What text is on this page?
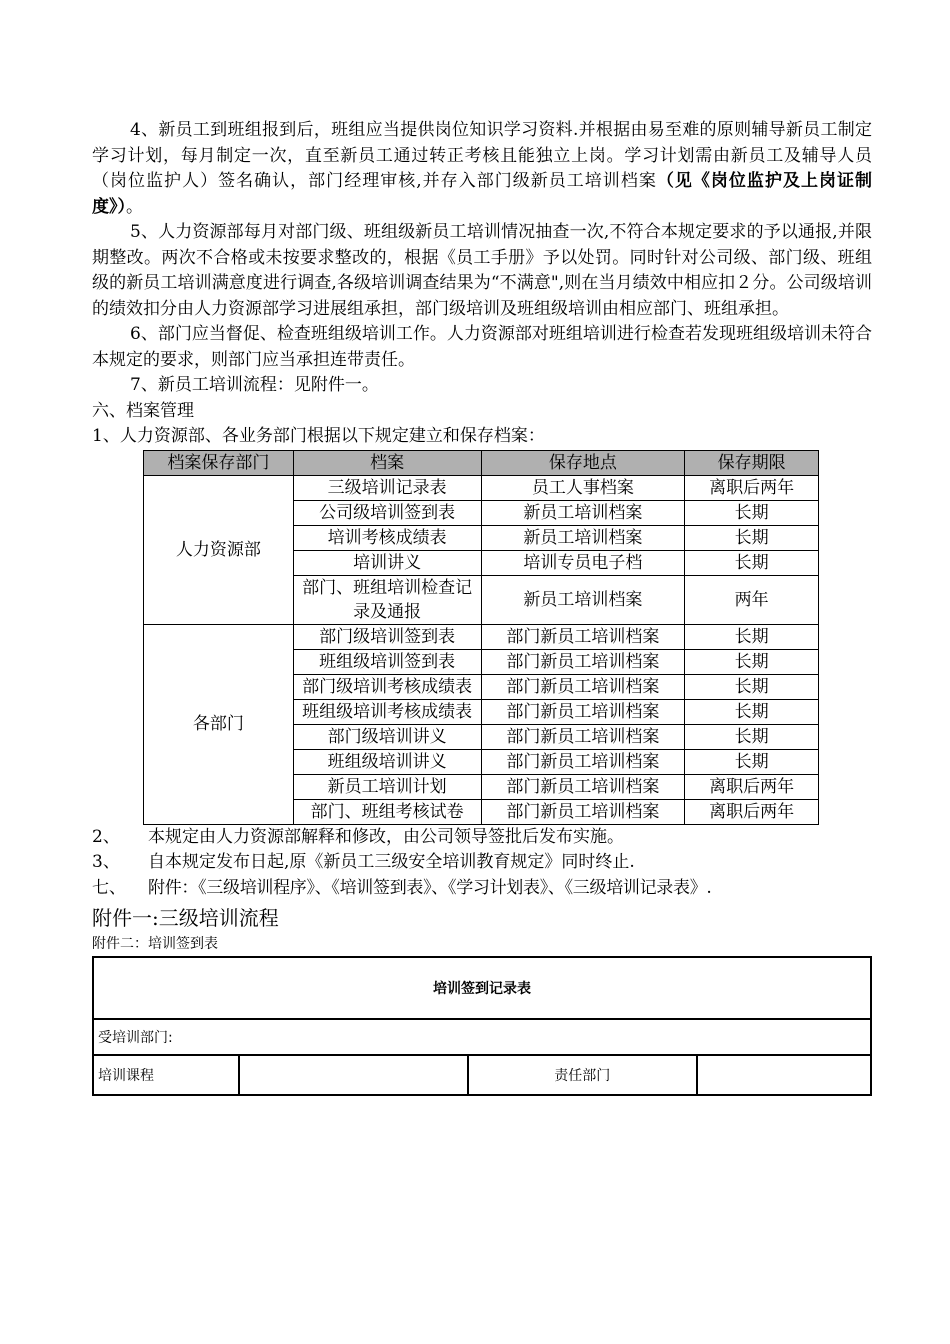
4、新员工到班组报到后，班组应当提供岗位知识学习资料.并根据由易至难的原则辅导新员工制定学习计划，每月制定一次，直至新员工通过转正考核且能独立上岗。学习计划需由新员工及辅导人员（岗位监护人）签名确认，部门经理审核,并存入部门级新员工培训档案（见《岗位监护及上岗证制度》）。

5、人力资源部每月对部门级、班组级新员工培训情况抽查一次,不符合本规定要求的予以通报,并限期整改。两次不合格或未按要求整改的，根据《员工手册》予以处罚。同时针对公司级、部门级、班组级的新员工培训满意度进行调查,各级培训调查结果为“不满意",则在当月绩效中相应扣２分。公司级培训的绩效扣分由人力资源部学习进展组承担，部门级培训及班组级培训由相应部门、班组承担。

6、部门应当督促、检查班组级培训工作。人力资源部对班组培训进行检查若发现班组级培训未符合本规定的要求，则部门应当承担连带责任。

7、新员工培训流程：见附件一。

六、档案管理

1、人力资源部、各业务部门根据以下规定建立和保存档案：

档案保存部门	档案	保存地点	保存期限
人力资源部	三级培训记录表	员工人事档案	离职后两年
	公司级培训签到表	新员工培训档案	长期
	培训考核成绩表	新员工培训档案	长期
	培训讲义	培训专员电子档	长期
	部门、班组培训检查记录及通报	新员工培训档案	两年
各部门	部门级培训签到表	部门新员工培训档案	长期
	班组级培训签到表	部门新员工培训档案	长期
	部门级培训考核成绩表	部门新员工培训档案	长期
	班组级培训考核成绩表	部门新员工培训档案	长期
	部门级培训讲义	部门新员工培训档案	长期
	班组级培训讲义	部门新员工培训档案	长期
	新员工培训计划	部门新员工培训档案	离职后两年
	部门、班组考核试卷	部门新员工培训档案	离职后两年
2、	本规定由人力资源部解释和修改，由公司领导签批后发布实施。
3、	自本规定发布日起,原《新员工三级安全培训教育规定》同时终止.
七、	附件：《三级培训程序》、《培训签到表》、《学习计划表》、《三级培训记录表》.

附件一:三级培训流程

附件二：培训签到表

培训签到记录表
受培训部门:
培训课程		责任部门	
